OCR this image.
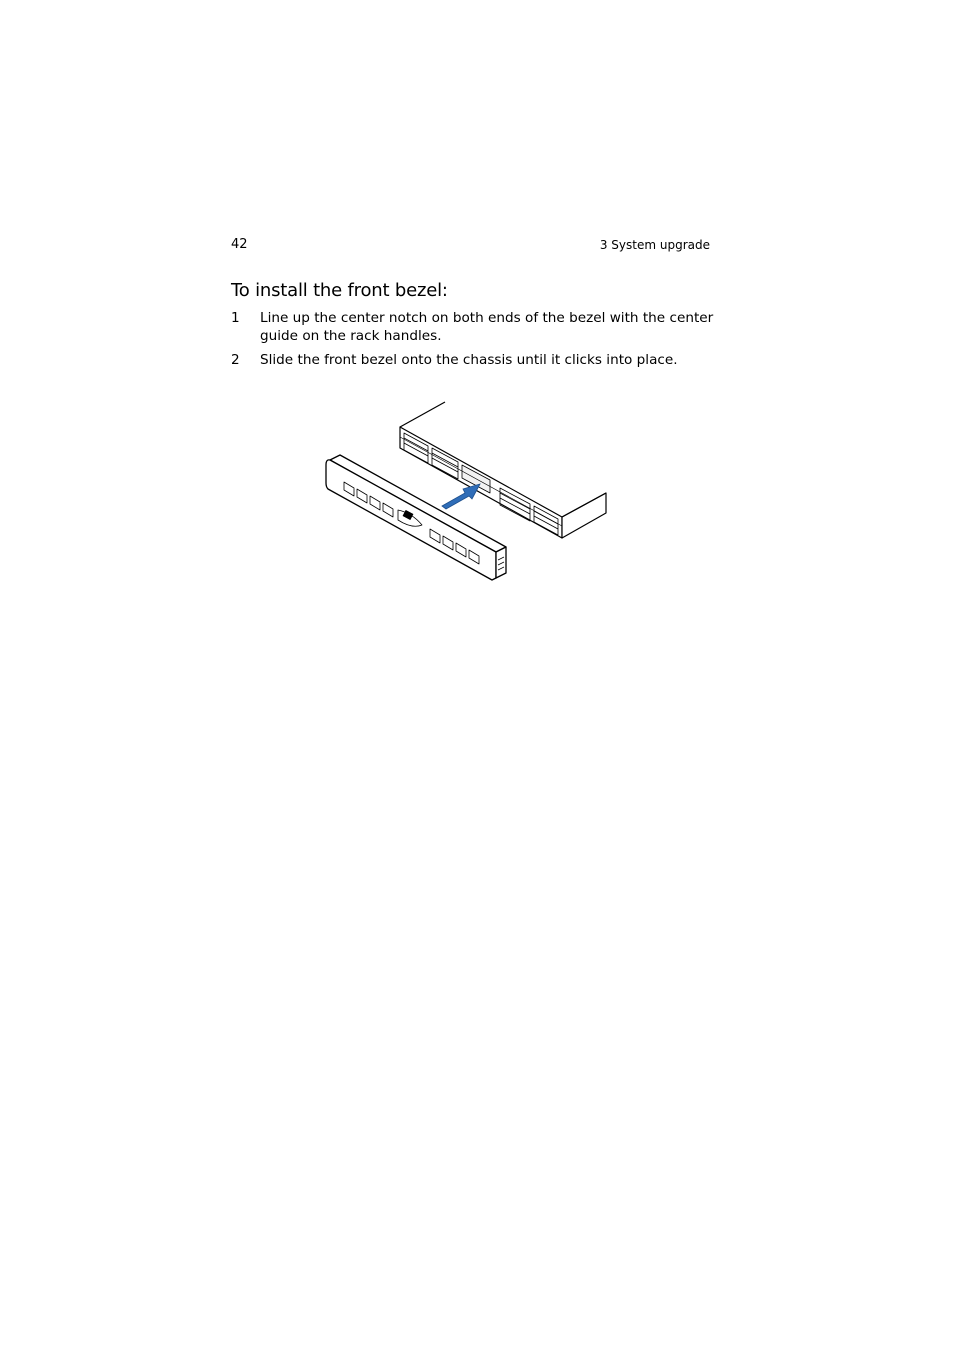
42	3 System upgrade
To install the front bezel:
1 Line up the center notch on both ends of the bezel with the center guide on the rack handles.
2 Slide the front bezel onto the chassis until it clicks into place.
